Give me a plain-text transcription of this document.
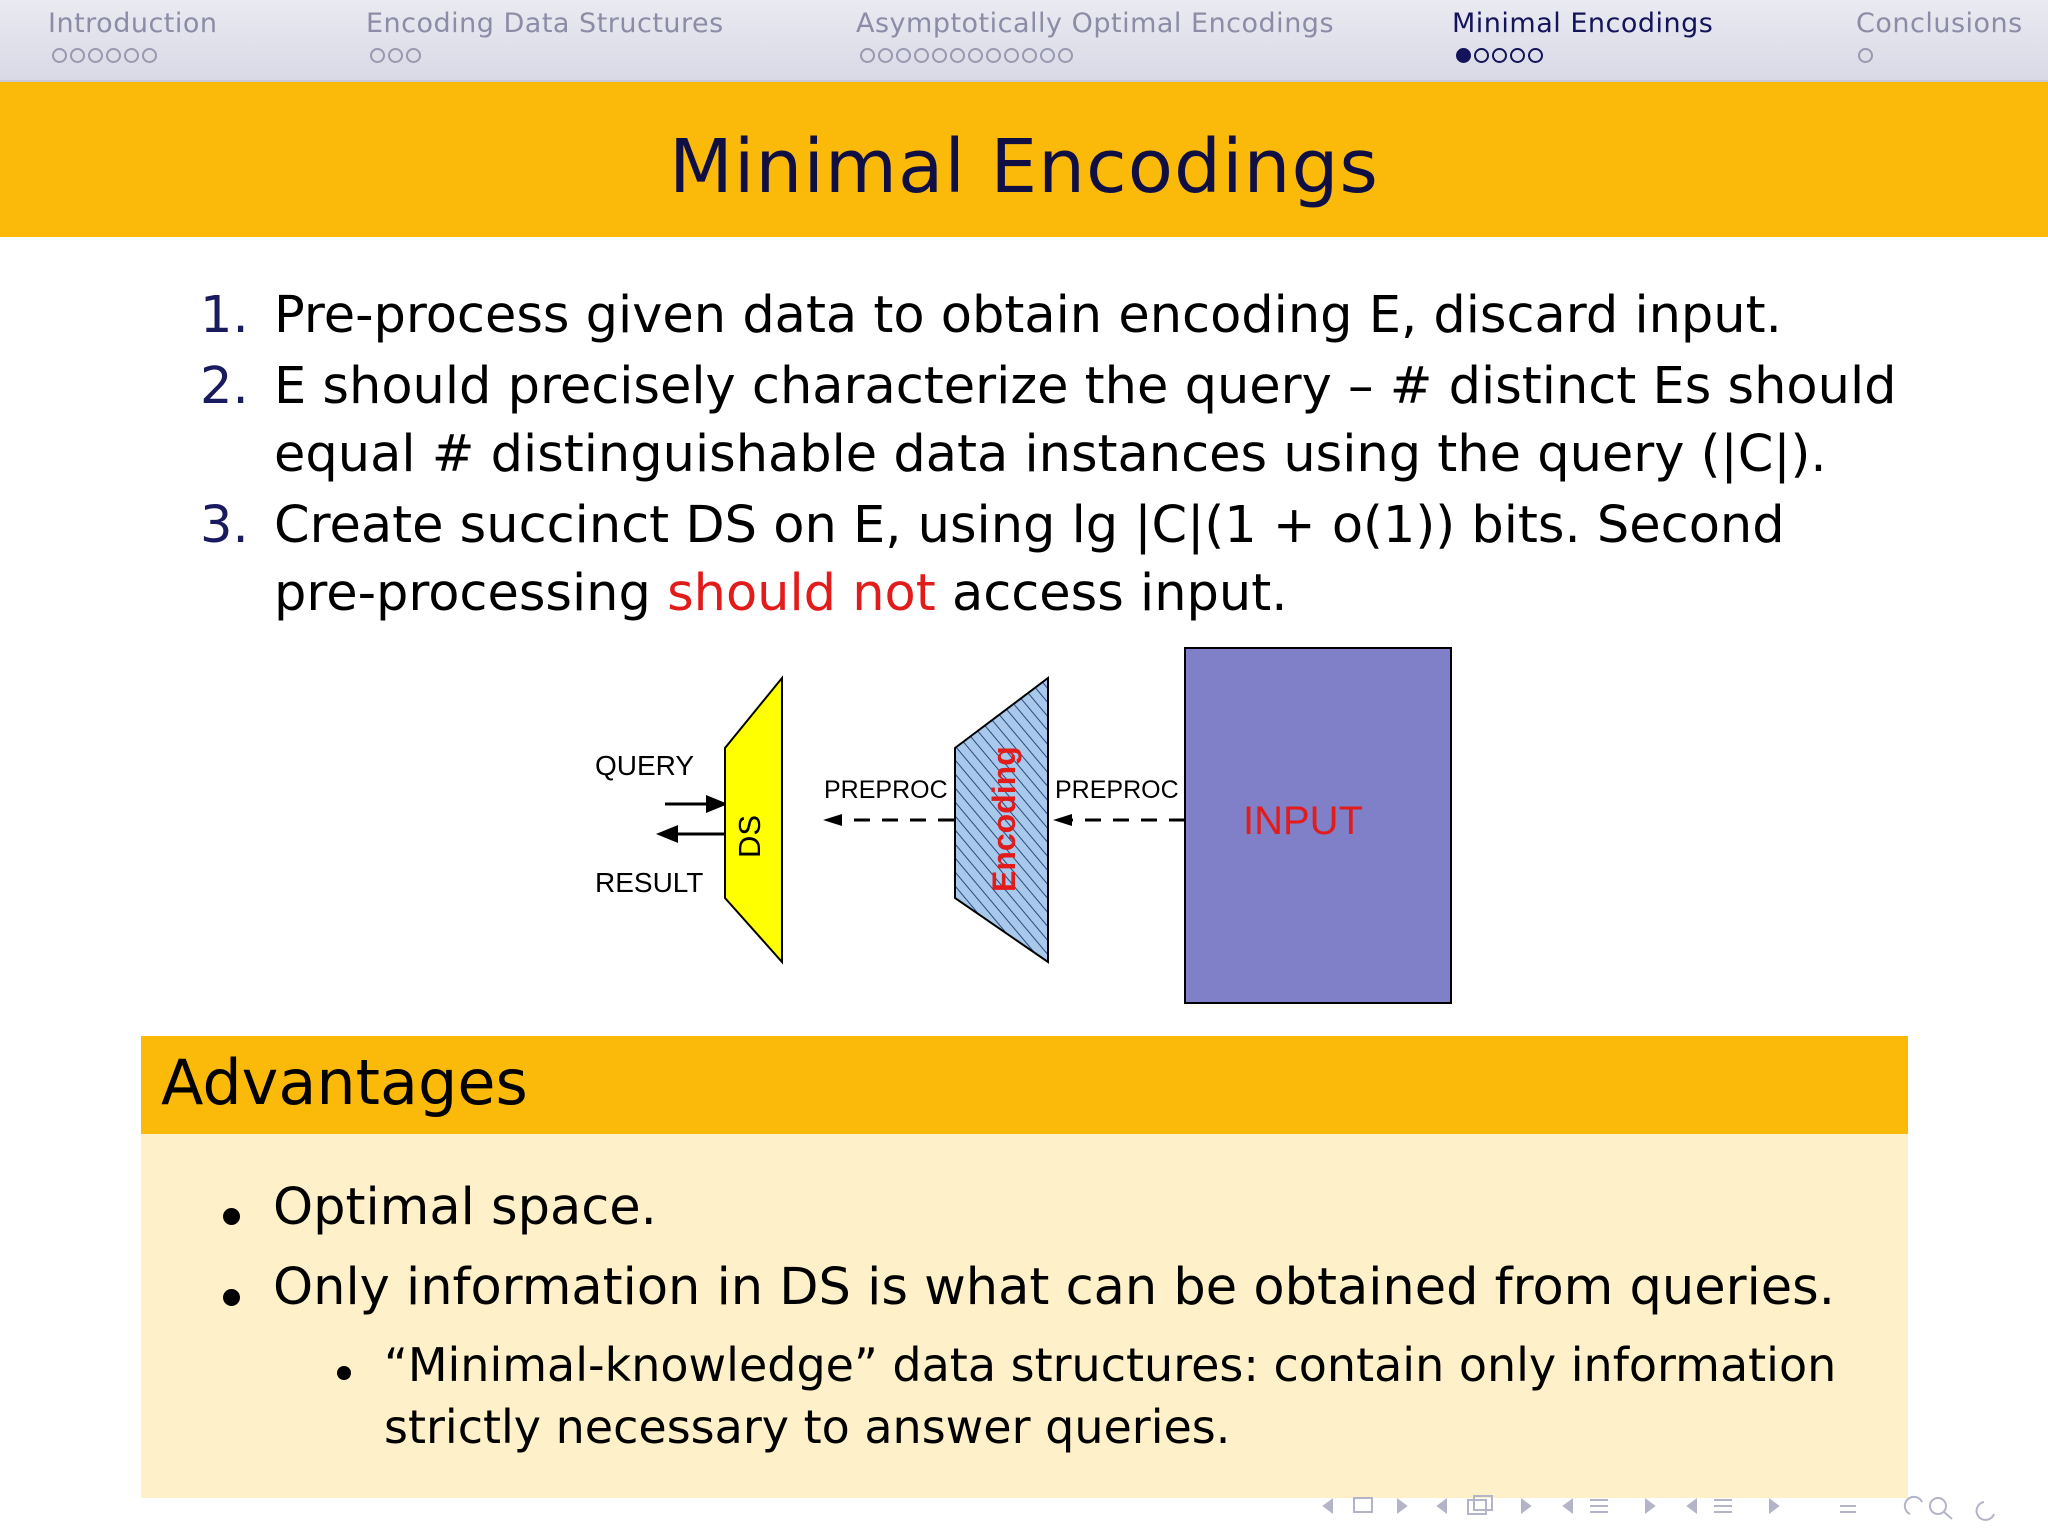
Introduction	Encoding Data Structures	Asymptotically Optimal Encodings	Minimal Encodings	Conclusions
Minimal Encodings
1. Pre-process given data to obtain encoding E, discard input.
2. E should precisely characterize the query – # distinct Es should
equal # distinguishable data instances using the query (|C|).
3. Create succinct DS on E, using lg |C|(1 + o(1)) bits. Second
pre-processing should not access input.
QUERY
RESULT
DS
PREPROC Encoding PREPROC
INPUT
Advantages
Optimal space.
Only information in DS is what can be obtained from queries.
“Minimal-knowledge” data structures: contain only information
strictly necessary to answer queries.
